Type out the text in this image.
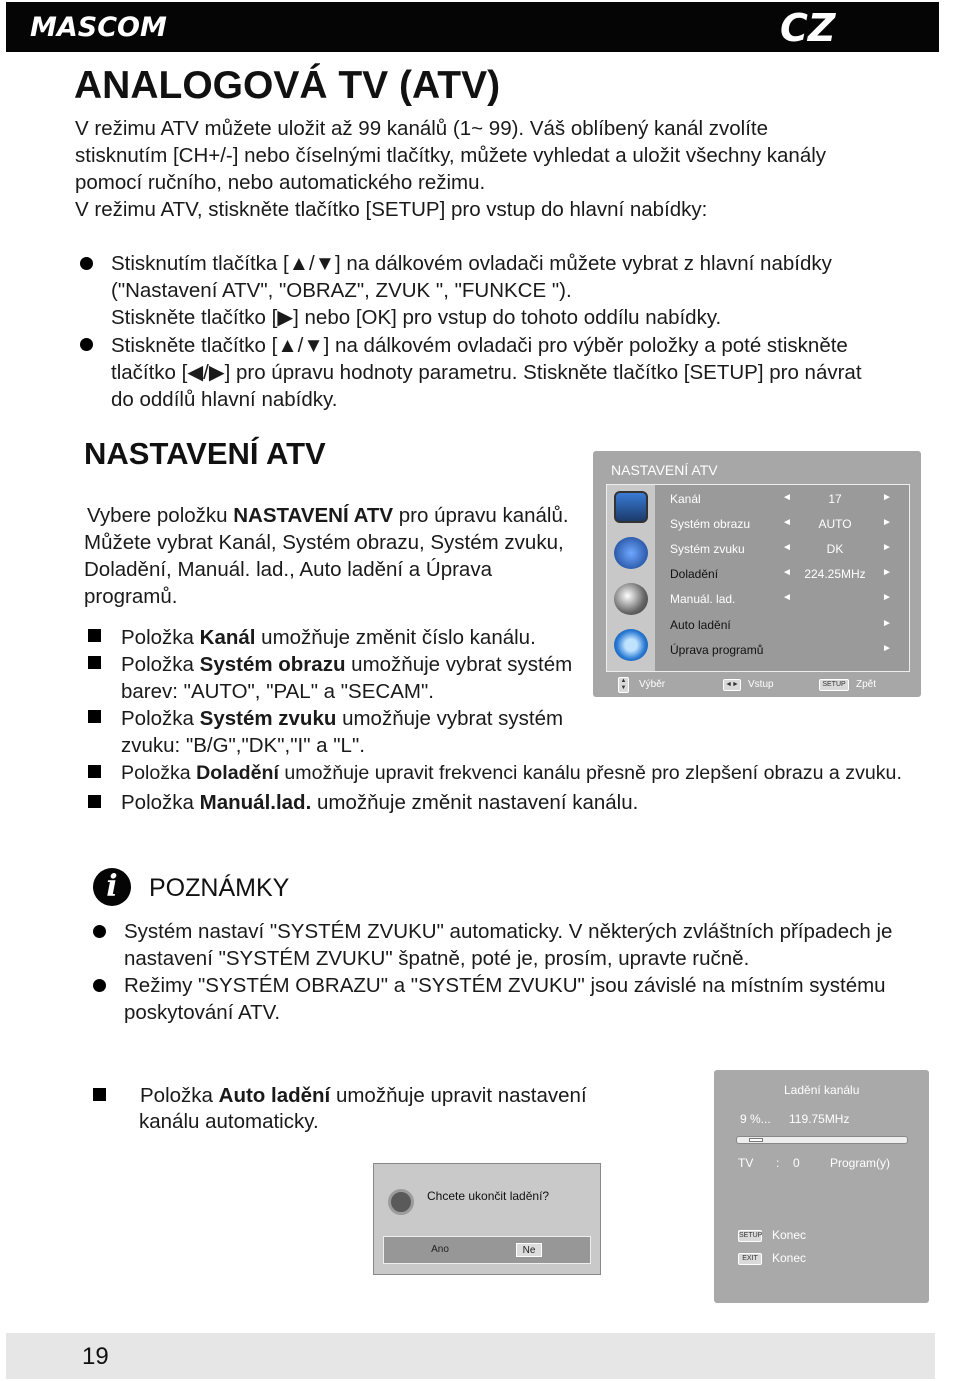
MASCOM	CZ
ANALOGOVÁ TV (ATV)
V režimu ATV můžete uložit až 99 kanálů (1~ 99). Váš oblíbený kanál zvolíte
stisknutím [CH+/-] nebo číselnými tlačítky, můžete vyhledat a uložit všechny kanály
pomocí ručního, nebo automatického režimu.
V režimu ATV, stiskněte tlačítko [SETUP] pro vstup do hlavní nabídky:
Stisknutím tlačítka [▲/▼] na dálkovém ovladači můžete vybrat z hlavní nabídky
("Nastavení ATV", "OBRAZ", ZVUK ", "FUNKCE ").
Stiskněte tlačítko [▶] nebo [OK] pro vstup do tohoto oddílu nabídky.
Stiskněte tlačítko [▲/▼] na dálkovém ovladači pro výběr položky a poté stiskněte
tlačítko [◀/▶] pro úpravu hodnoty parametru. Stiskněte tlačítko [SETUP] pro návrat
do oddílů hlavní nabídky.
NASTAVENÍ ATV
Vybere položku NASTAVENÍ ATV pro úpravu kanálů.
Můžete vybrat Kanál, Systém obrazu, Systém zvuku,
Doladění, Manuál. lad., Auto ladění a Úprava
programů.
Položka Kanál umožňuje změnit číslo kanálu.
Položka Systém obrazu umožňuje vybrat systém
barev: "AUTO", "PAL" a "SECAM".
Položka Systém zvuku umožňuje vybrat systém
zvuku: "B/G","DK","I" a "L".
Položka Doladění umožňuje upravit frekvenci kanálu přesně pro zlepšení obrazu a zvuku.
Položka Manuál.lad. umožňuje změnit nastavení kanálu.
NASTAVENÍ ATV
Kanál	◄	17	►
Systém obrazu	◄	AUTO	►
Systém zvuku	◄	DK	►
Doladění	◄	224.25MHz	►
Manuál. lad.	◄	►
Auto ladění	►
Úprava programů	►
▲
▼ Výběr	◄► Vstup	SETUP	Zpět
i	POZNÁMKY
Systém nastaví "SYSTÉM ZVUKU" automaticky. V některých zvláštních případech je
nastavení "SYSTÉM ZVUKU" špatně, poté je, prosím, upravte ručně.
Režimy "SYSTÉM OBRAZU" a "SYSTÉM ZVUKU" jsou závislé na místním systému
poskytování ATV.
Položka Auto ladění umožňuje upravit nastavení
kanálu automaticky.
Chcete ukončit ladění?
Ano	Ne
Ladění kanálu
9 %... 119.75MHz
TV : 0	Program(y)
SETUP Konec
EXIT	Konec
19
